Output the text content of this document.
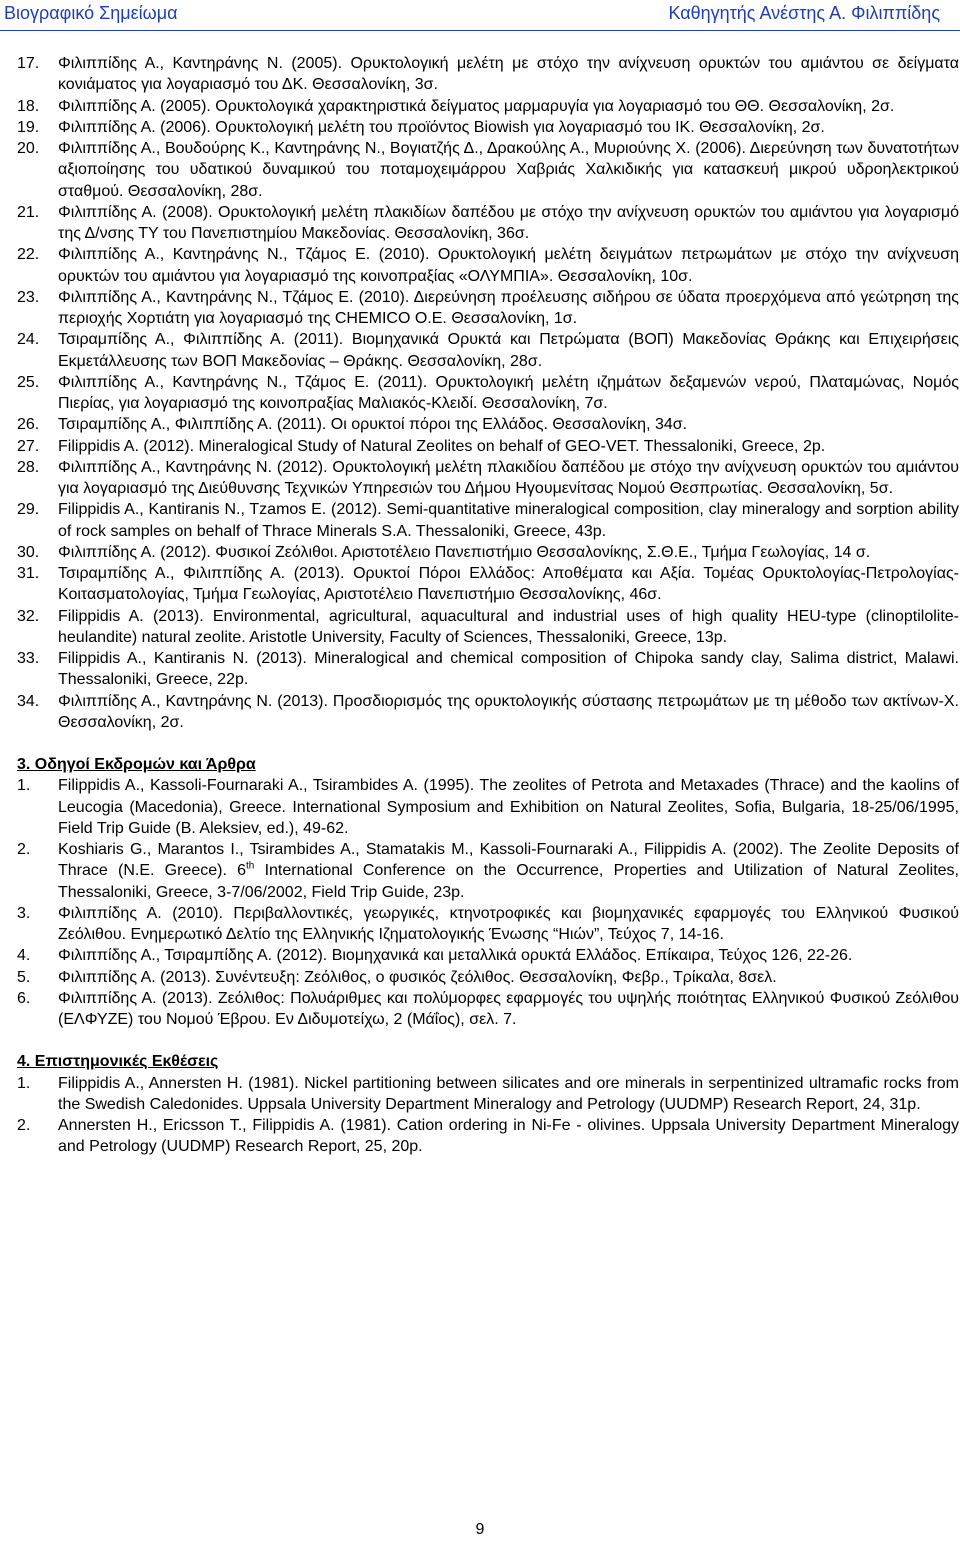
Βιογραφικό Σημείωμα	Καθηγητής Ανέστης Α. Φιλιππίδης

17. Φιλιππίδης Α., Καντηράνης Ν. (2005). Ορυκτολογική μελέτη με στόχο την ανίχνευση ορυκτών του αμιάντου σε δείγματα κονιάματος για λογαριασμό του ΔΚ. Θεσσαλονίκη, 3σ.

18. Φιλιππίδης Α. (2005). Ορυκτολογικά χαρακτηριστικά δείγματος μαρμαρυγία για λογαριασμό του ΘΘ. Θεσσαλονίκη, 2σ.

19. Φιλιππίδης Α. (2006). Ορυκτολογική μελέτη του προϊόντος Biowish για λογαριασμό του ΙΚ. Θεσσαλονίκη, 2σ.

20. Φιλιππίδης Α., Βουδούρης Κ., Καντηράνης Ν., Βογιατζής Δ., Δρακούλης Α., Μυριούνης Χ. (2006). Διερεύνηση των δυνατοτήτων αξιοποίησης του υδατικού δυναμικού του ποταμοχειμάρρου Χαβριάς Χαλκιδικής για κατασκευή μικρού υδροηλεκτρικού σταθμού. Θεσσαλονίκη, 28σ.

21. Φιλιππίδης Α. (2008). Ορυκτολογική μελέτη πλακιδίων δαπέδου με στόχο την ανίχνευση ορυκτών του αμιάντου για λογαρισμό της Δ/νσης ΤΥ του Πανεπιστημίου Μακεδονίας. Θεσσαλονίκη, 36σ.

22. Φιλιππίδης Α., Καντηράνης Ν., Τζάμος Ε. (2010). Ορυκτολογική μελέτη δειγμάτων πετρωμάτων με στόχο την ανίχνευση ορυκτών του αμιάντου για λογαριασμό της κοινοπραξίας «ΟΛΥΜΠΙΑ». Θεσσαλονίκη, 10σ.

23. Φιλιππίδης Α., Καντηράνης Ν., Τζάμος Ε. (2010). Διερεύνηση προέλευσης σιδήρου σε ύδατα προερχόμενα από γεώτρηση της περιοχής Χορτιάτη για λογαριασμό της CHEMICO Ο.Ε. Θεσσαλονίκη, 1σ.

24. Τσιραμπίδης Α., Φιλιππίδης Α. (2011). Βιομηχανικά Ορυκτά και Πετρώματα (ΒΟΠ) Μακεδονίας Θράκης και Επιχειρήσεις Εκμετάλλευσης των ΒΟΠ Μακεδονίας – Θράκης. Θεσσαλονίκη, 28σ.

25. Φιλιππίδης Α., Καντηράνης Ν., Τζάμος Ε. (2011). Ορυκτολογική μελέτη ιζημάτων δεξαμενών νερού, Πλαταμώνας, Νομός Πιερίας, για λογαριασμό της κοινοπραξίας Μαλιακός-Κλειδί. Θεσσαλονίκη, 7σ.

26. Τσιραμπίδης Α., Φιλιππίδης Α. (2011). Οι ορυκτοί πόροι της Ελλάδος. Θεσσαλονίκη, 34σ.

27. Filippidis A. (2012). Mineralogical Study of Natural Zeolites on behalf of GEO-VET. Thessaloniki, Greece, 2p.

28. Φιλιππίδης Α., Καντηράνης Ν. (2012). Ορυκτολογική μελέτη πλακιδίου δαπέδου με στόχο την ανίχνευση ορυκτών του αμιάντου για λογαριασμό της Διεύθυνσης Τεχνικών Υπηρεσιών του Δήμου Ηγουμενίτσας Νομού Θεσπρωτίας. Θεσσαλονίκη, 5σ.

29. Filippidis A., Kantiranis N., Tzamos E. (2012). Semi-quantitative mineralogical composition, clay mineralogy and sorption ability of rock samples on behalf of Thrace Minerals S.A. Thessaloniki, Greece, 43p.

30. Φιλιππίδης Α. (2012). Φυσικοί Ζεόλιθοι. Αριστοτέλειο Πανεπιστήμιο Θεσσαλονίκης, Σ.Θ.Ε., Τμήμα Γεωλογίας, 14 σ.

31. Τσιραμπίδης Α., Φιλιππίδης Α. (2013). Ορυκτοί Πόροι Ελλάδος: Αποθέματα και Αξία. Τομέας Ορυκτολογίας-Πετρολογίας-Κοιτασματολογίας, Τμήμα Γεωλογίας, Αριστοτέλειο Πανεπιστήμιο Θεσσαλονίκης, 46σ.

32. Filippidis A. (2013). Environmental, agricultural, aquacultural and industrial uses of high quality HEU-type (clinoptilolite-heulandite) natural zeolite. Aristotle University, Faculty of Sciences, Thessaloniki, Greece, 13p.

33. Filippidis A., Kantiranis N. (2013). Mineralogical and chemical composition of Chipoka sandy clay, Salima district, Malawi. Thessaloniki, Greece, 22p.

34. Φιλιππίδης Α., Καντηράνης Ν. (2013). Προσδιορισμός της ορυκτολογικής σύστασης πετρωμάτων με τη μέθοδο των ακτίνων-Χ. Θεσσαλονίκη, 2σ.

3. Οδηγοί Εκδρομών και Άρθρα

1. Filippidis A., Kassoli-Fournaraki A., Tsirambides A. (1995). The zeolites of Petrota and Metaxades (Thrace) and the kaolins of Leucogia (Macedonia), Greece. International Symposium and Exhibition on Natural Zeolites, Sofia, Bulgaria, 18-25/06/1995, Field Trip Guide (B. Aleksiev, ed.), 49-62.

2. Koshiaris G., Marantos I., Tsirambides A., Stamatakis M., Kassoli-Fournaraki A., Filippidis A. (2002). The Zeolite Deposits of Thrace (N.E. Greece). 6th International Conference on the Occurrence, Properties and Utilization of Natural Zeolites, Thessaloniki, Greece, 3-7/06/2002, Field Trip Guide, 23p.

3. Φιλιππίδης Α. (2010). Περιβαλλοντικές, γεωργικές, κτηνοτροφικές και βιομηχανικές εφαρμογές του Ελληνικού Φυσικού Ζεόλιθου. Ενημερωτικό Δελτίο της Ελληνικής Ιζηματολογικής Ένωσης “Ηιών”, Τεύχος 7, 14-16.

4. Φιλιππίδης Α., Τσιραμπίδης Α. (2012). Βιομηχανικά και μεταλλικά ορυκτά Ελλάδος. Επίκαιρα, Τεύχος 126, 22-26.

5. Φιλιππίδης Α. (2013). Συνέντευξη: Ζεόλιθος, ο φυσικός ζεόλιθος. Θεσσαλονίκη, Φεβρ., Τρίκαλα, 8σελ.

6. Φιλιππίδης Α. (2013). Ζεόλιθος: Πολυάριθμες και πολύμορφες εφαρμογές του υψηλής ποιότητας Ελληνικού Φυσικού Ζεόλιθου (ΕΛΦΥΖΕ) του Νομού Έβρου. Εν Διδυμοτείχω, 2 (Μάΐος), σελ. 7.

4. Επιστημονικές Εκθέσεις

1. Filippidis A., Annersten H. (1981). Nickel partitioning between silicates and ore minerals in serpentinized ultramafic rocks from the Swedish Caledonides. Uppsala University Department Mineralogy and Petrology (UUDMP) Research Report, 24, 31p.

2. Annersten H., Ericsson T., Filippidis A. (1981). Cation ordering in Ni-Fe - olivines. Uppsala University Department Mineralogy and Petrology (UUDMP) Research Report, 25, 20p.

9
